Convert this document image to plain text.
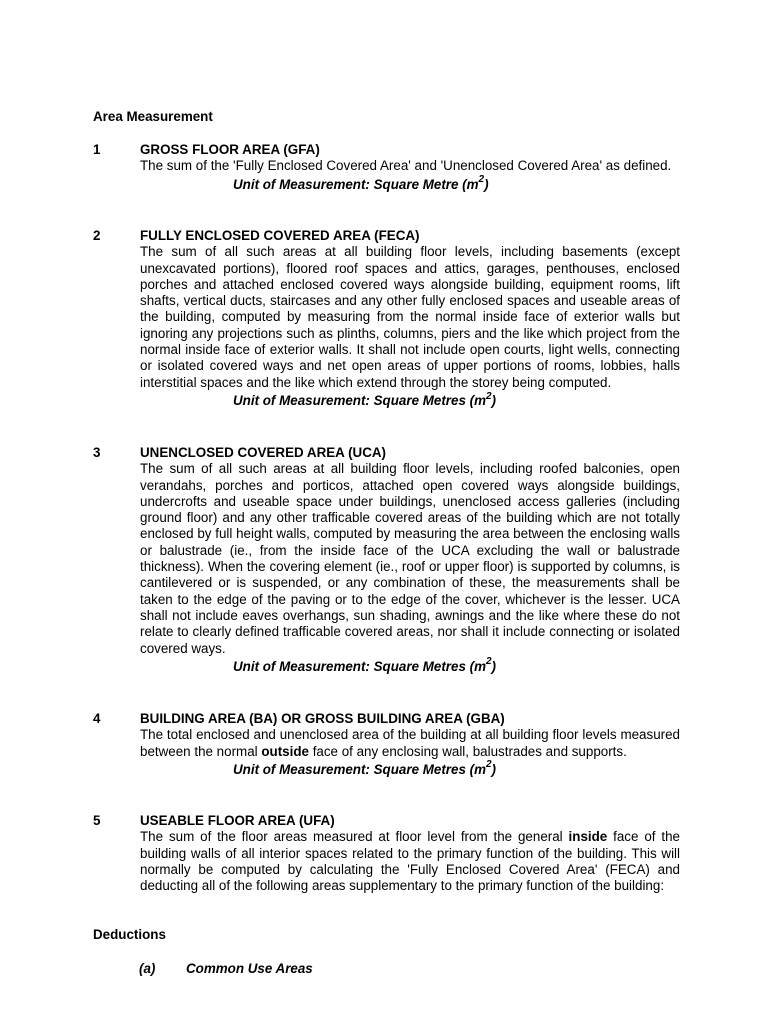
Area Measurement
1	GROSS FLOOR AREA (GFA)
The sum of the 'Fully Enclosed Covered Area' and 'Unenclosed Covered Area' as defined.
Unit of Measurement: Square Metre $(m^2)$
2	FULLY ENCLOSED COVERED AREA (FECA)
The sum of all such areas at all building floor levels, including basements (except unexcavated portions), floored roof spaces and attics, garages, penthouses, enclosed porches and attached enclosed covered ways alongside building, equipment rooms, lift shafts, vertical ducts, staircases and any other fully enclosed spaces and useable areas of the building, computed by measuring from the normal inside face of exterior walls but ignoring any projections such as plinths, columns, piers and the like which project from the normal inside face of exterior walls. It shall not include open courts, light wells, connecting or isolated covered ways and net open areas of upper portions of rooms, lobbies, halls interstitial spaces and the like which extend through the storey being computed.
Unit of Measurement: Square Metres $(m^2)$
3	UNENCLOSED COVERED AREA (UCA)
The sum of all such areas at all building floor levels, including roofed balconies, open verandahs, porches and porticos, attached open covered ways alongside buildings, undercrofts and useable space under buildings, unenclosed access galleries (including ground floor) and any other trafficable covered areas of the building which are not totally enclosed by full height walls, computed by measuring the area between the enclosing walls or balustrade (ie., from the inside face of the UCA excluding the wall or balustrade thickness). When the covering element (ie., roof or upper floor) is supported by columns, is cantilevered or is suspended, or any combination of these, the measurements shall be taken to the edge of the paving or to the edge of the cover, whichever is the lesser. UCA shall not include eaves overhangs, sun shading, awnings and the like where these do not relate to clearly defined trafficable covered areas, nor shall it include connecting or isolated covered ways.
Unit of Measurement: Square Metres $(m^2)$
4	BUILDING AREA (BA) OR GROSS BUILDING AREA (GBA)
The total enclosed and unenclosed area of the building at all building floor levels measured between the normal outside face of any enclosing wall, balustrades and supports.
Unit of Measurement: Square Metres $(m^2)$
5	USEABLE FLOOR AREA (UFA)
The sum of the floor areas measured at floor level from the general inside face of the building walls of all interior spaces related to the primary function of the building. This will normally be computed by calculating the 'Fully Enclosed Covered Area' (FECA) and deducting all of the following areas supplementary to the primary function of the building:
Deductions
(a) Common Use Areas
